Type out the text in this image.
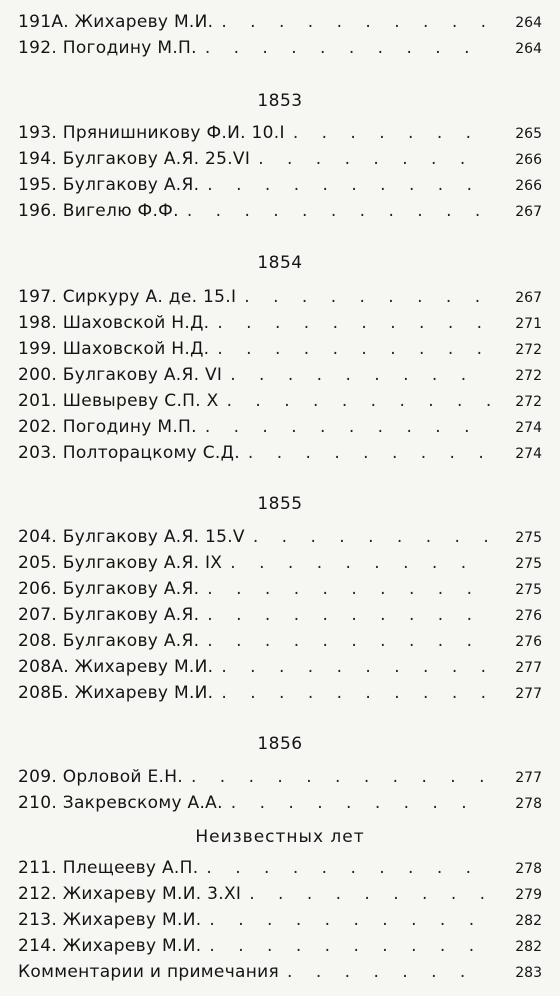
191А. Жихареву М.И. . . .	264
192. Погодину М.П. . . .	264
1853
193. Прянишникову Ф.И. 10.I . . .	265
194. Булгакову А.Я. 25.VI . . .	266
195. Булгакову А.Я. . . .	266
196. Вигелю Ф.Ф. . . .	267
1854
197. Сиркуру А. де. 15.I . . .	267
198. Шаховской Н.Д. . . .	271
199. Шаховской Н.Д. . . .	272
200. Булгакову А.Я. VI . . .	272
201. Шевыреву С.П. Х . . .	272
202. Погодину М.П. . . .	274
203. Полторацкому С.Д. . . .	274
1855
204. Булгакову А.Я. 15.V . . .	275
205. Булгакову А.Я. IX . . .	275
206. Булгакову А.Я. . . .	275
207. Булгакову А.Я. . . .	276
208. Булгакову А.Я. . . .	276
208А. Жихареву М.И. . . .	277
208Б. Жихареву М.И. . . .	277
1856
209. Орловой Е.Н. . . .	277
210. Закревскому А.А. . . .	278
Неизвестных лет
211. Плещееву А.П. . . .	278
212. Жихареву М.И. 3.XI . . .	279
213. Жихареву М.И. . . .	282
214. Жихареву М.И. . . .	282
Комментарии и примечания . . .	283
